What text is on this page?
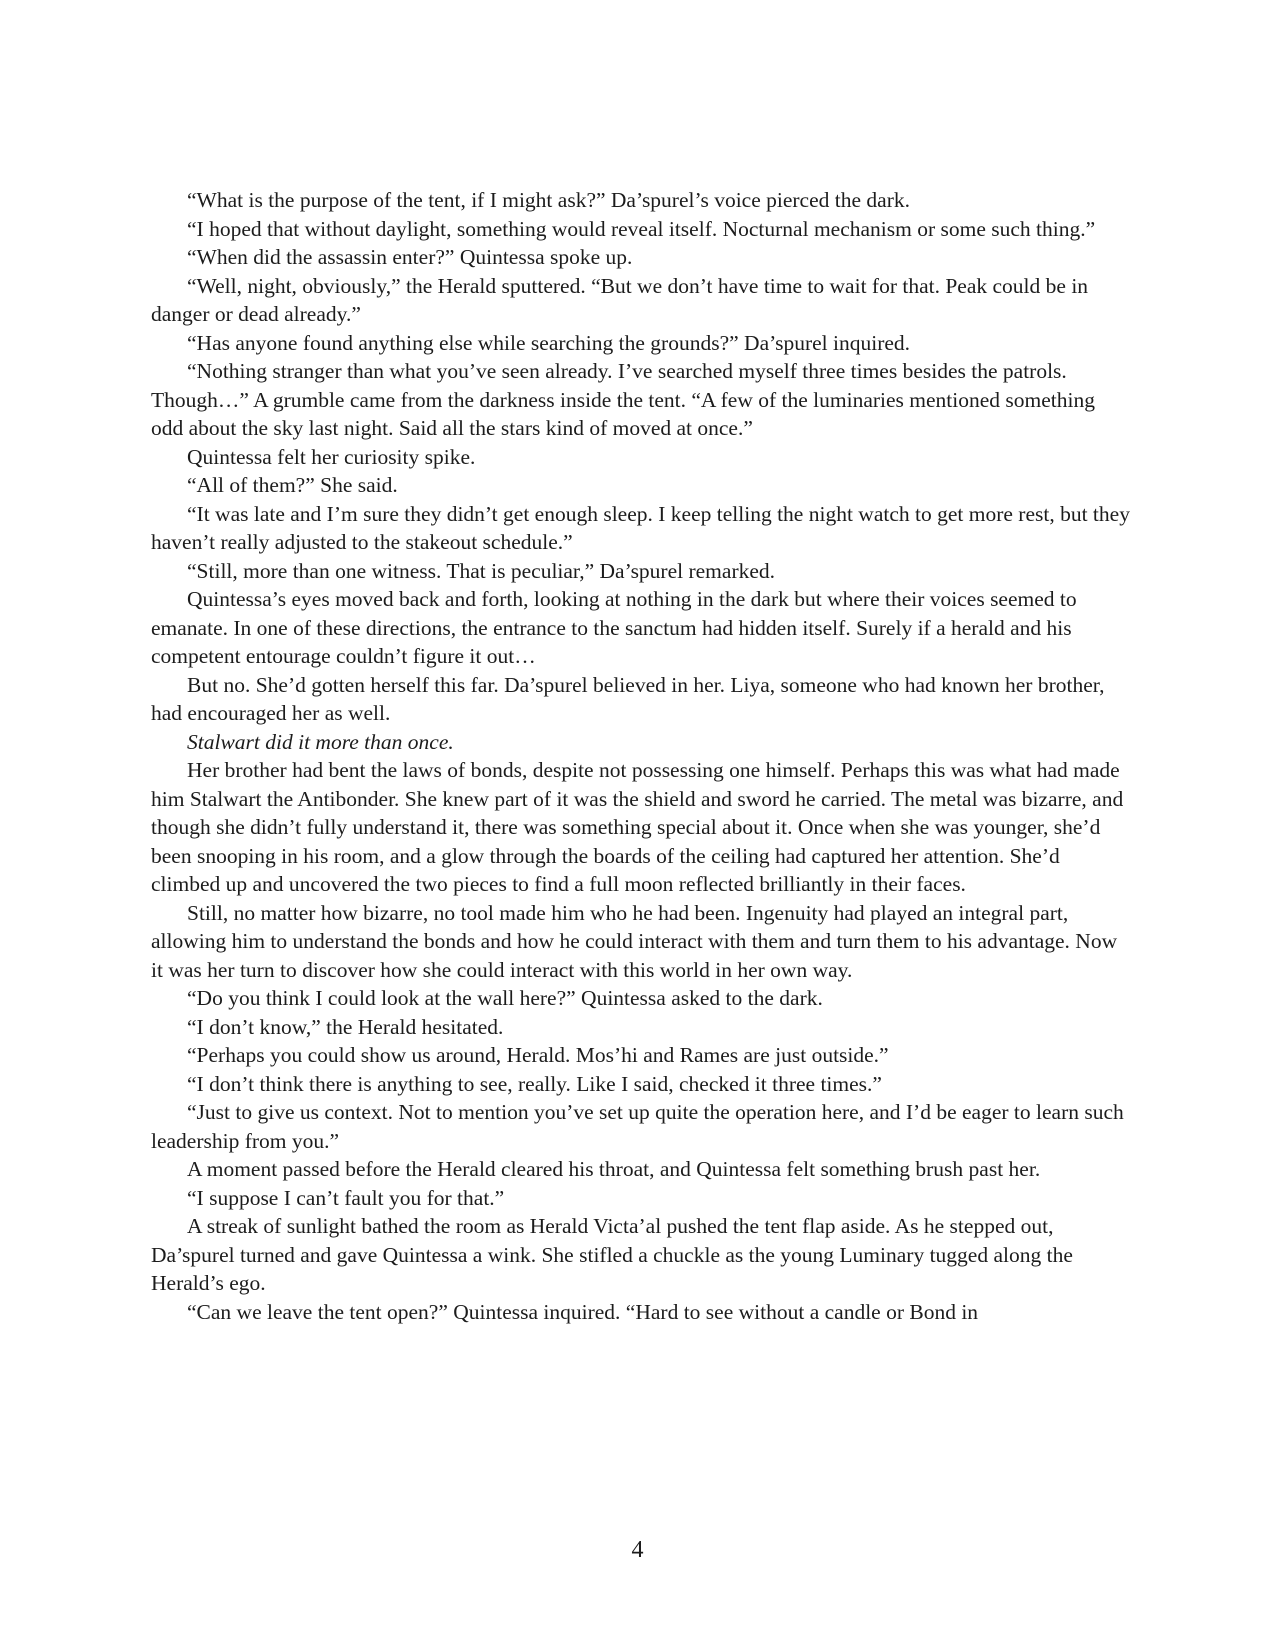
“What is the purpose of the tent, if I might ask?” Da’spurel’s voice pierced the dark.

“I hoped that without daylight, something would reveal itself. Nocturnal mechanism or some such thing.”

“When did the assassin enter?” Quintessa spoke up.

“Well, night, obviously,” the Herald sputtered. “But we don’t have time to wait for that. Peak could be in danger or dead already.”

“Has anyone found anything else while searching the grounds?” Da’spurel inquired.

“Nothing stranger than what you’ve seen already. I’ve searched myself three times besides the patrols. Though…” A grumble came from the darkness inside the tent. “A few of the luminaries mentioned something odd about the sky last night. Said all the stars kind of moved at once.”

Quintessa felt her curiosity spike.

“All of them?” She said.

“It was late and I’m sure they didn’t get enough sleep. I keep telling the night watch to get more rest, but they haven’t really adjusted to the stakeout schedule.”

“Still, more than one witness. That is peculiar,” Da’spurel remarked.

Quintessa’s eyes moved back and forth, looking at nothing in the dark but where their voices seemed to emanate. In one of these directions, the entrance to the sanctum had hidden itself. Surely if a herald and his competent entourage couldn’t figure it out…

But no. She’d gotten herself this far. Da’spurel believed in her. Liya, someone who had known her brother, had encouraged her as well.

Stalwart did it more than once.

Her brother had bent the laws of bonds, despite not possessing one himself. Perhaps this was what had made him Stalwart the Antibonder. She knew part of it was the shield and sword he carried. The metal was bizarre, and though she didn’t fully understand it, there was something special about it. Once when she was younger, she’d been snooping in his room, and a glow through the boards of the ceiling had captured her attention. She’d climbed up and uncovered the two pieces to find a full moon reflected brilliantly in their faces.

Still, no matter how bizarre, no tool made him who he had been. Ingenuity had played an integral part, allowing him to understand the bonds and how he could interact with them and turn them to his advantage. Now it was her turn to discover how she could interact with this world in her own way.

“Do you think I could look at the wall here?” Quintessa asked to the dark.

“I don’t know,” the Herald hesitated.

“Perhaps you could show us around, Herald. Mos’hi and Rames are just outside.”

“I don’t think there is anything to see, really. Like I said, checked it three times.”

“Just to give us context. Not to mention you’ve set up quite the operation here, and I’d be eager to learn such leadership from you.”

A moment passed before the Herald cleared his throat, and Quintessa felt something brush past her.

“I suppose I can’t fault you for that.”

A streak of sunlight bathed the room as Herald Victa’al pushed the tent flap aside. As he stepped out, Da’spurel turned and gave Quintessa a wink. She stifled a chuckle as the young Luminary tugged along the Herald’s ego.

“Can we leave the tent open?” Quintessa inquired. “Hard to see without a candle or Bond in

4
